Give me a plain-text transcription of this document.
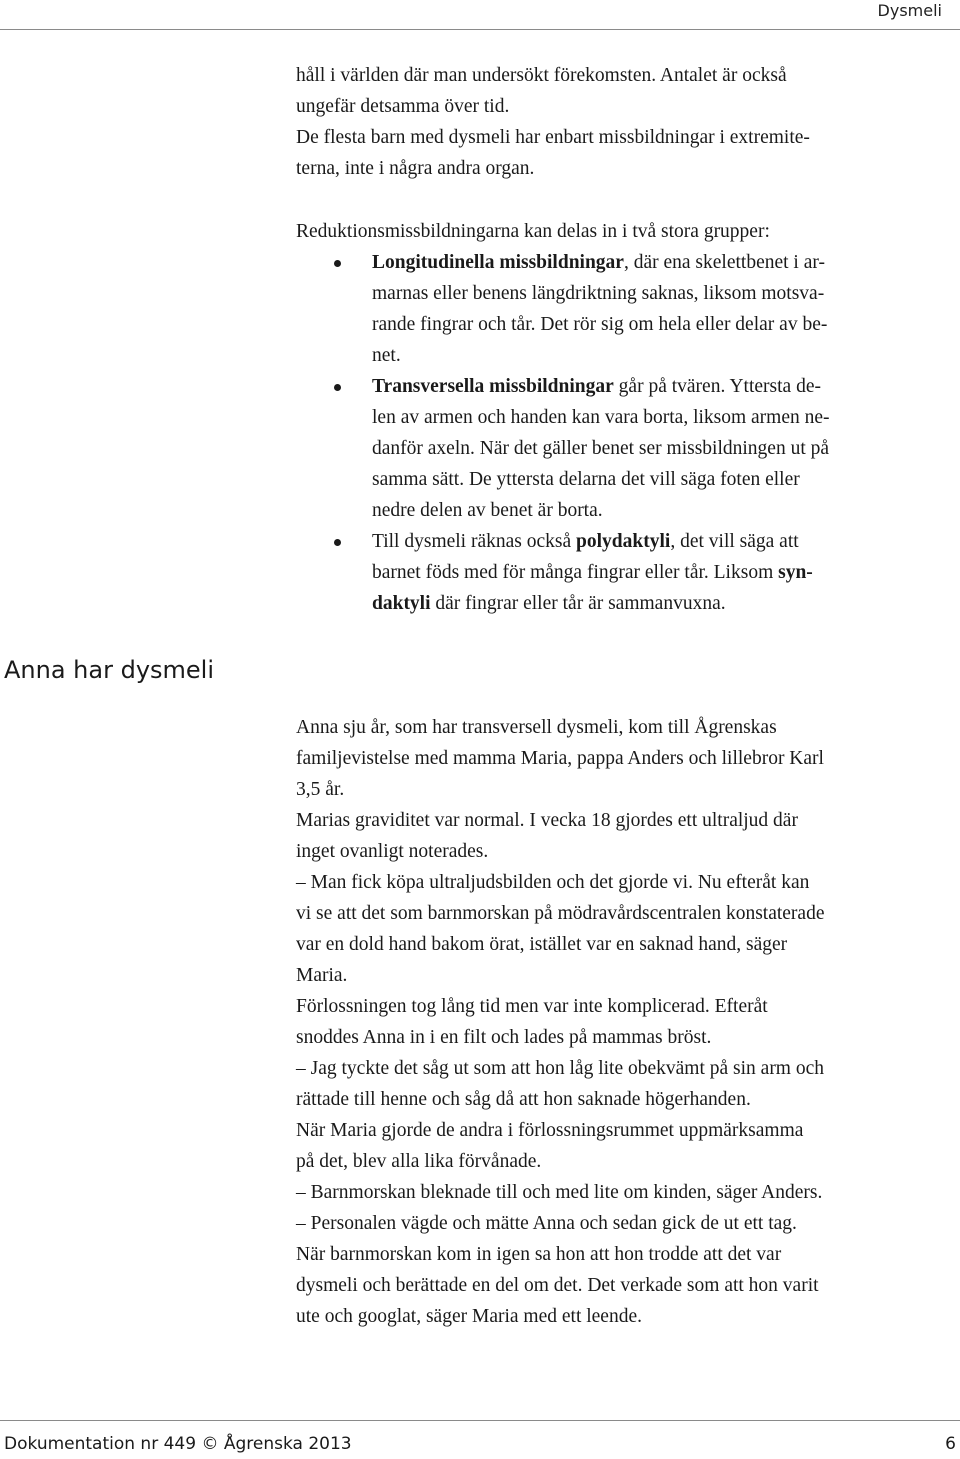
Dysmeli
håll i världen där man undersökt förekomsten. Antalet är också
ungefär detsamma över tid.
De flesta barn med dysmeli har enbart missbildningar i extremite-
terna, inte i några andra organ.
Reduktionsmissbildningarna kan delas in i två stora grupper:
Longitudinella missbildningar, där ena skelettbenet i ar-
marnas eller benens längdriktning saknas, liksom motsva-
rande fingrar och tår. Det rör sig om hela eller delar av be-
net.
Transversella missbildningar går på tvären. Yttersta de-
len av armen och handen kan vara borta, liksom armen ne-
danför axeln. När det gäller benet ser missbildningen ut på
samma sätt. De yttersta delarna det vill säga foten eller
nedre delen av benet är borta.
Till dysmeli räknas också polydaktyli, det vill säga att
barnet föds med för många fingrar eller tår. Liksom syn-
daktyli där fingrar eller tår är sammanvuxna.
Anna har dysmeli

Anna sju år, som har transversell dysmeli, kom till Ågrenskas

familjevistelse med mamma Maria, pappa Anders och lillebror Karl

3,5 år.

Marias graviditet var normal. I vecka 18 gjordes ett ultraljud där

inget ovanligt noterades.

– Man fick köpa ultraljudsbilden och det gjorde vi. Nu efteråt kan

vi se att det som barnmorskan på mödravårdscentralen konstaterade

var en dold hand bakom örat, istället var en saknad hand, säger

Maria.

Förlossningen tog lång tid men var inte komplicerad. Efteråt

snoddes Anna in i en filt och lades på mammas bröst.

– Jag tyckte det såg ut som att hon låg lite obekvämt på sin arm och

rättade till henne och såg då att hon saknade högerhanden.

När Maria gjorde de andra i förlossningsrummet uppmärksamma

på det, blev alla lika förvånade.

– Barnmorskan bleknade till och med lite om kinden, säger Anders.

– Personalen vägde och mätte Anna och sedan gick de ut ett tag.

När barnmorskan kom in igen sa hon att hon trodde att det var

dysmeli och berättade en del om det. Det verkade som att hon varit

ute och googlat, säger Maria med ett leende.

Dokumentation nr 449 © Ågrenska 2013	6
